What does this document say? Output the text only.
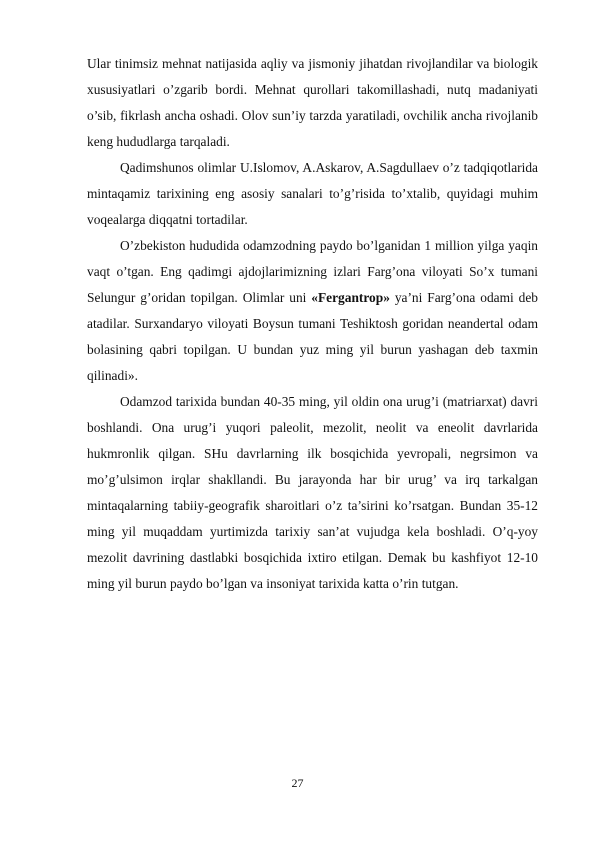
Ular tinimsiz mehnat natijasida aqliy va jismoniy jihatdan rivojlandilar va biologik xususiyatlari o’zgarib bordi. Mehnat qurollari takomillashadi, nutq madaniyati o’sib, fikrlash ancha oshadi. Olov sun’iy tarzda yaratiladi, ovchilik ancha rivojlanib keng hududlarga tarqaladi.

Qadimshunos olimlar U.Islomov, A.Askarov, A.Sagdullaev o’z tadqiqotlarida mintaqamiz tarixining eng asosiy sanalari to’g’risida to’xtalib, quyidagi muhim voqealarga diqqatni tortadilar.

O’zbekiston hududida odamzodning paydo bo’lganidan 1 million yilga yaqin vaqt o’tgan. Eng qadimgi ajdojlarimizning izlari Farg’ona viloyati So’x tumani Selungur g’oridan topilgan. Olimlar uni «Fergantrop» ya’ni Farg’ona odami deb atadilar. Surxandaryo viloyati Boysun tumani Teshiktosh goridan neandertal odam bolasining qabri topilgan. U bundan yuz ming yil burun yashagan deb taxmin qilinadi».

Odamzod tarixida bundan 40-35 ming, yil oldin ona urug’i (matriarxat) davri boshlandi. Ona urug’i yuqori paleolit, mezolit, neolit va eneolit davrlarida hukmronlik qilgan. SHu davrlarning ilk bosqichida yevropali, negrsimon va mo’g’ulsimon irqlar shakllandi. Bu jarayonda har bir urug’ va irq tarkalgan mintaqalarning tabiiy-geografik sharoitlari o’z ta’sirini ko’rsatgan. Bundan 35-12 ming yil muqaddam yurtimizda tarixiy san’at vujudga kela boshladi. O’q-yoy mezolit davrining dastlabki bosqichida ixtiro etilgan. Demak bu kashfiyot 12-10 ming yil burun paydo bo’lgan va insoniyat tarixida katta o’rin tutgan.

27
